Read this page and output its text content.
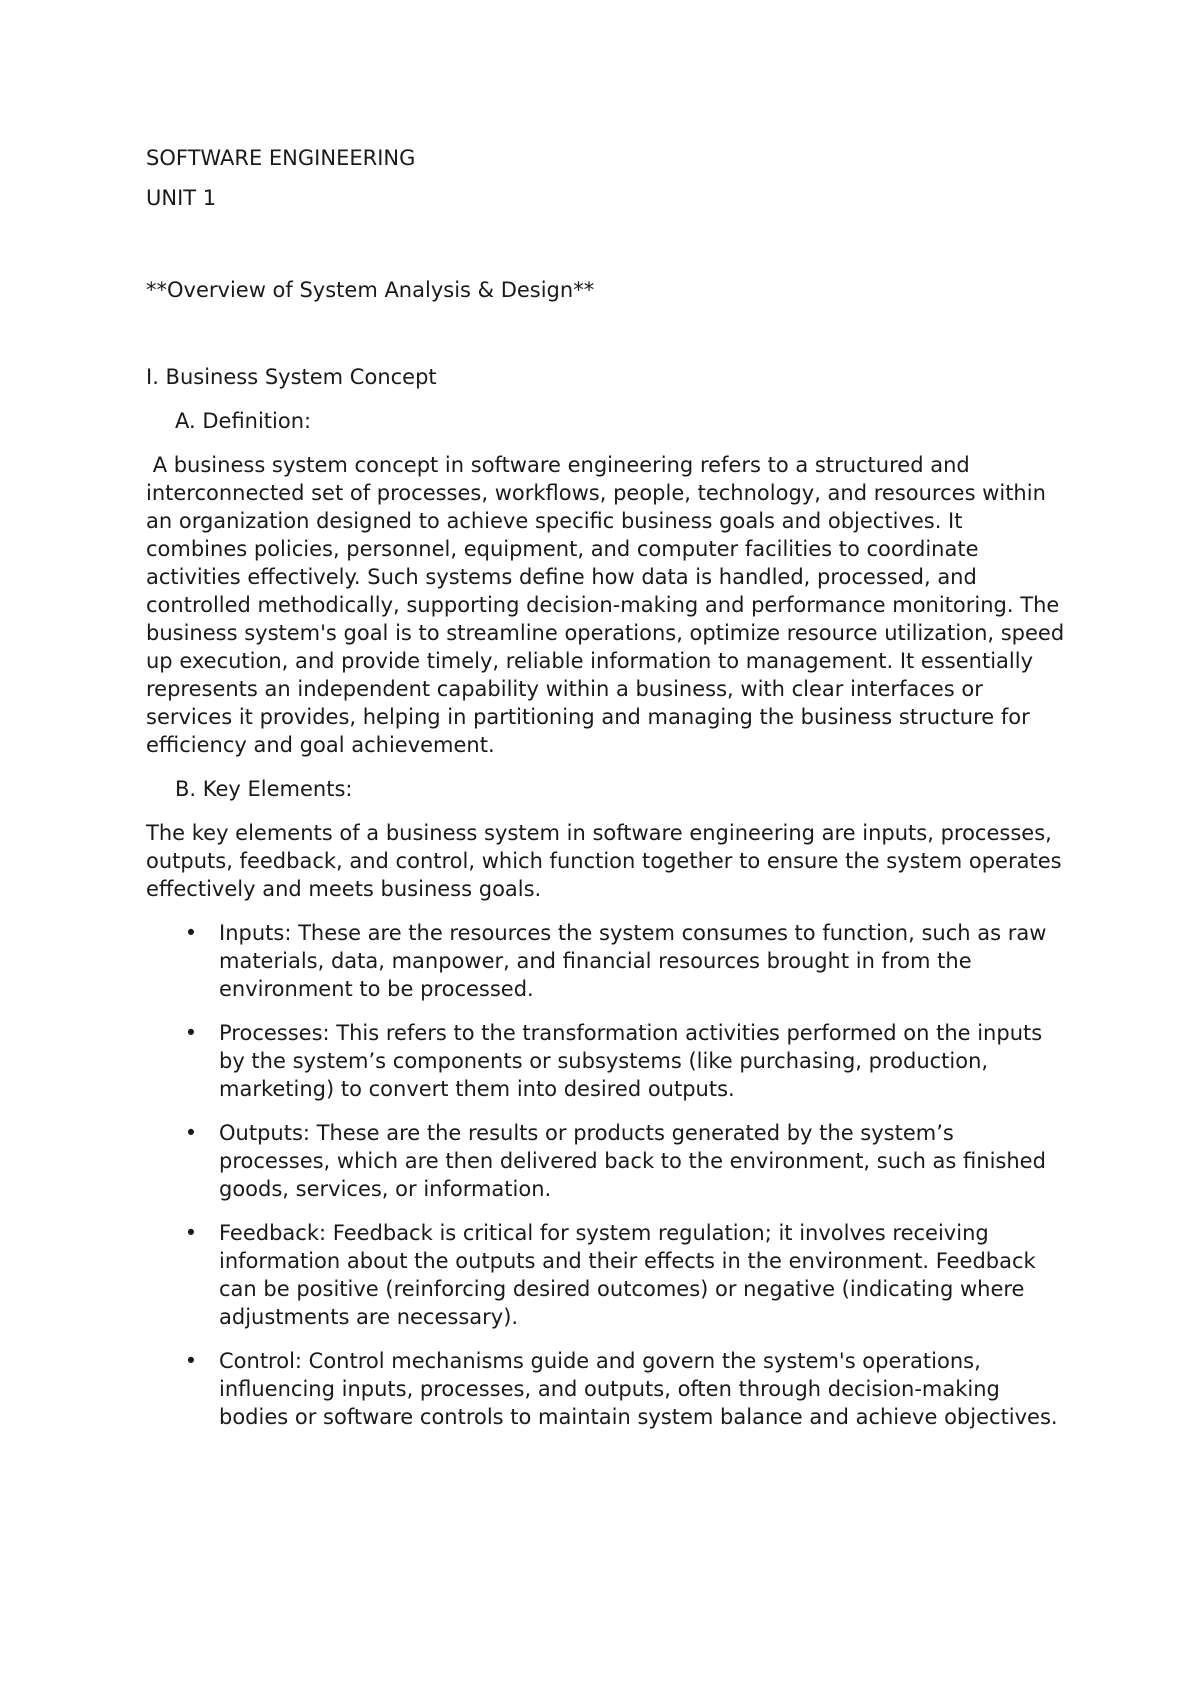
SOFTWARE ENGINEERING

UNIT 1

**Overview of System Analysis & Design**

I. Business System Concept

A. Definition:

A business system concept in software engineering refers to a structured and interconnected set of processes, workflows, people, technology, and resources within an organization designed to achieve specific business goals and objectives. It combines policies, personnel, equipment, and computer facilities to coordinate activities effectively. Such systems define how data is handled, processed, and controlled methodically, supporting decision-making and performance monitoring. The business system's goal is to streamline operations, optimize resource utilization, speed up execution, and provide timely, reliable information to management. It essentially represents an independent capability within a business, with clear interfaces or services it provides, helping in partitioning and managing the business structure for efficiency and goal achievement.

B. Key Elements:

The key elements of a business system in software engineering are inputs, processes, outputs, feedback, and control, which function together to ensure the system operates effectively and meets business goals.

• Inputs: These are the resources the system consumes to function, such as raw materials, data, manpower, and financial resources brought in from the environment to be processed.
• Processes: This refers to the transformation activities performed on the inputs by the system’s components or subsystems (like purchasing, production, marketing) to convert them into desired outputs.
• Outputs: These are the results or products generated by the system’s processes, which are then delivered back to the environment, such as finished goods, services, or information.
• Feedback: Feedback is critical for system regulation; it involves receiving information about the outputs and their effects in the environment. Feedback can be positive (reinforcing desired outcomes) or negative (indicating where adjustments are necessary).
• Control: Control mechanisms guide and govern the system's operations, influencing inputs, processes, and outputs, often through decision-making bodies or software controls to maintain system balance and achieve objectives.
